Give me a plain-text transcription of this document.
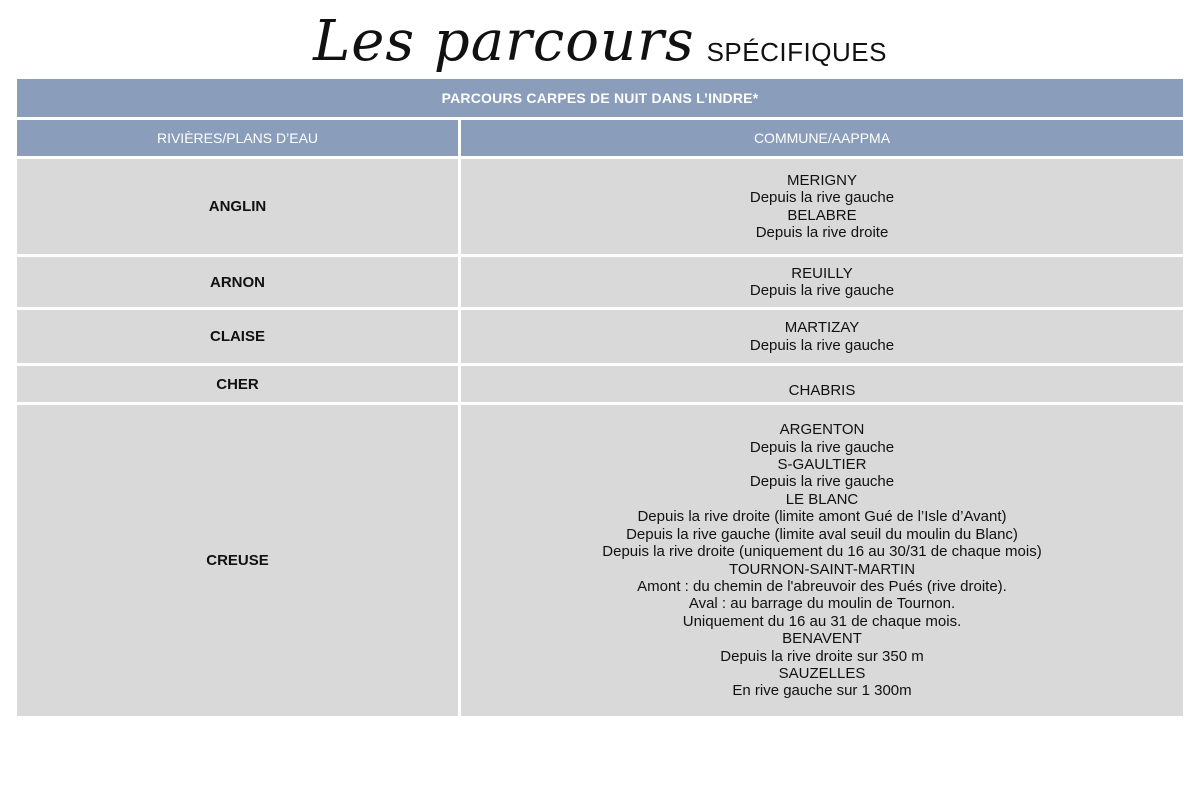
Les parcours SPÉCIFIQUES
PARCOURS CARPES DE NUIT DANS L’INDRE*
RIVIÈRES/PLANS D’EAU	COMMUNE/AAPPMA
ANGLIN
MERIGNY
Depuis la rive gauche
BELABRE
Depuis la rive droite
ARNON
REUILLY
Depuis la rive gauche
CLAISE
MARTIZAY
Depuis la rive gauche
CHER	CHABRIS
CREUSE
ARGENTON
Depuis la rive gauche
S-GAULTIER
Depuis la rive gauche
LE BLANC
Depuis la rive droite (limite amont Gué de l’Isle d’Avant)
Depuis la rive gauche (limite aval seuil du moulin du Blanc)
Depuis la rive droite (uniquement du 16 au 30/31 de chaque mois)
TOURNON-SAINT-MARTIN
Amont : du chemin de l'abreuvoir des Pués (rive droite).
Aval : au barrage du moulin de Tournon.
Uniquement du 16 au 31 de chaque mois.
BENAVENT
Depuis la rive droite sur 350 m
SAUZELLES
En rive gauche sur 1 300m
